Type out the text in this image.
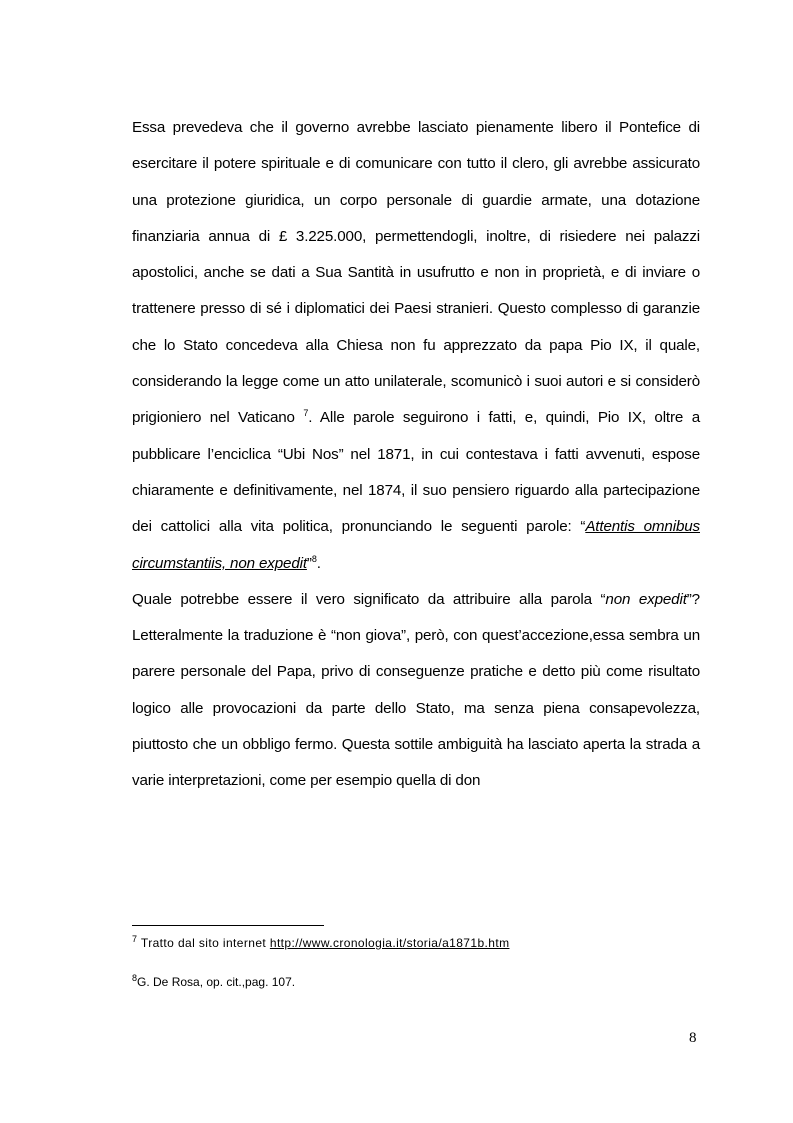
Essa prevedeva che il governo avrebbe lasciato pienamente libero il Pontefice di esercitare il potere spirituale e di comunicare con tutto il clero, gli avrebbe assicurato una protezione giuridica, un corpo personale di guardie armate, una dotazione finanziaria annua di £ 3.225.000, permettendogli, inoltre, di risiedere nei palazzi apostolici, anche se dati a Sua Santità in usufrutto e non in proprietà, e di inviare o trattenere presso di sé i diplomatici dei Paesi stranieri. Questo complesso di garanzie che lo Stato concedeva alla Chiesa non fu apprezzato da papa Pio IX, il quale, considerando la legge come un atto unilaterale, scomunicò i suoi autori e si considerò prigioniero nel Vaticano $^7$. Alle parole seguirono i fatti, e, quindi, Pio IX, oltre a pubblicare l’enciclica “Ubi Nos” nel 1871, in cui contestava i fatti avvenuti, espose chiaramente e definitivamente, nel 1874, il suo pensiero riguardo alla partecipazione dei cattolici alla vita politica, pronunciando le seguenti parole: “Attentis omnibus circumstantiis, non expedit”$^8$.

Quale potrebbe essere il vero significato da attribuire alla parola “non expedit”? Letteralmente la traduzione è “non giova”, però, con quest’accezione,essa sembra un parere personale del Papa, privo di conseguenze pratiche e detto più come risultato logico alle provocazioni da parte dello Stato, ma senza piena consapevolezza, piuttosto che un obbligo fermo. Questa sottile ambiguità ha lasciato aperta la strada a varie interpretazioni, come per esempio quella di don

$^7$ Tratto dal sito internet http://www.cronologia.it/storia/a1871b.htm
$^8$G. De Rosa, op. cit.,pag. 107.
8
